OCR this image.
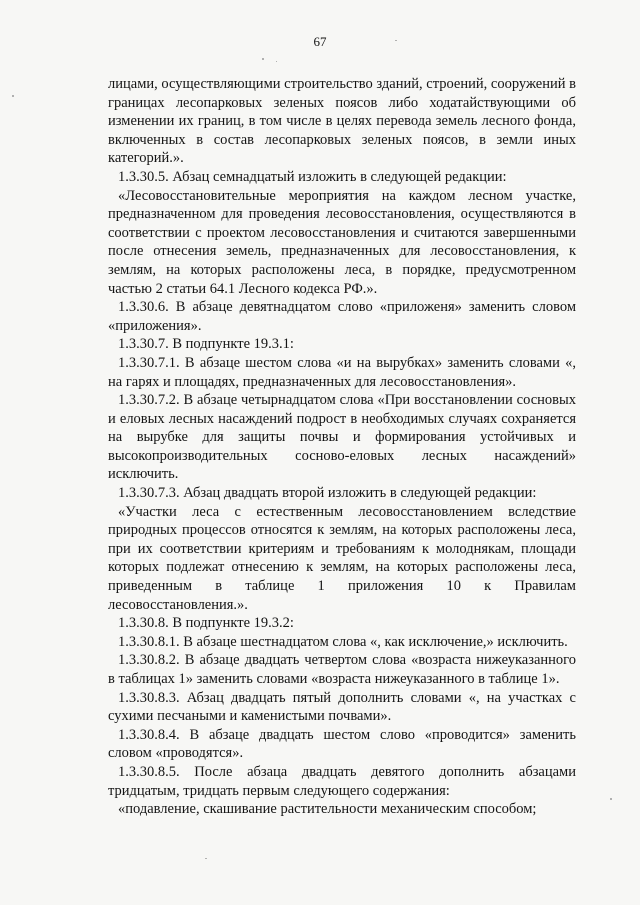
67

лицами, осуществляющими строительство зданий, строений, сооружений в границах лесопарковых зеленых поясов либо ходатайствующими об изменении их границ, в том числе в целях перевода земель лесного фонда, включенных в состав лесопарковых зеленых поясов, в земли иных категорий.».

1.3.30.5. Абзац семнадцатый изложить в следующей редакции:

«Лесовосстановительные мероприятия на каждом лесном участке, предназначенном для проведения лесовосстановления, осуществляются в соответствии с проектом лесовосстановления и считаются завершенными после отнесения земель, предназначенных для лесовосстановления, к землям, на которых расположены леса, в порядке, предусмотренном частью 2 статьи 64.1 Лесного кодекса РФ.».

1.3.30.6. В абзаце девятнадцатом слово «приложеня» заменить словом «приложения».

1.3.30.7. В подпункте 19.3.1:

1.3.30.7.1. В абзаце шестом слова «и на вырубках» заменить словами «, на гарях и площадях, предназначенных для лесовосстановления».

1.3.30.7.2. В абзаце четырнадцатом слова «При восстановлении сосновых и еловых лесных насаждений подрост в необходимых случаях сохраняется на вырубке для защиты почвы и формирования устойчивых и высокопроизводительных сосново-еловых лесных насаждений» исключить.

1.3.30.7.3. Абзац двадцать второй изложить в следующей редакции:

«Участки леса с естественным лесовосстановлением вследствие природных процессов относятся к землям, на которых расположены леса, при их соответствии критериям и требованиям к молоднякам, площади которых подлежат отнесению к землям, на которых расположены леса, приведенным в таблице 1 приложения 10 к Правилам лесовосстановления.».

1.3.30.8. В подпункте 19.3.2:

1.3.30.8.1. В абзаце шестнадцатом слова «, как исключение,» исключить.

1.3.30.8.2. В абзаце двадцать четвертом слова «возраста нижеуказанного в таблицах 1» заменить словами «возраста нижеуказанного в таблице 1».

1.3.30.8.3. Абзац двадцать пятый дополнить словами «, на участках с сухими песчаными и каменистыми почвами».

1.3.30.8.4. В абзаце двадцать шестом слово «проводится» заменить словом «проводятся».

1.3.30.8.5. После абзаца двадцать девятого дополнить абзацами тридцатым, тридцать первым следующего содержания:

«подавление, скашивание растительности механическим способом;
